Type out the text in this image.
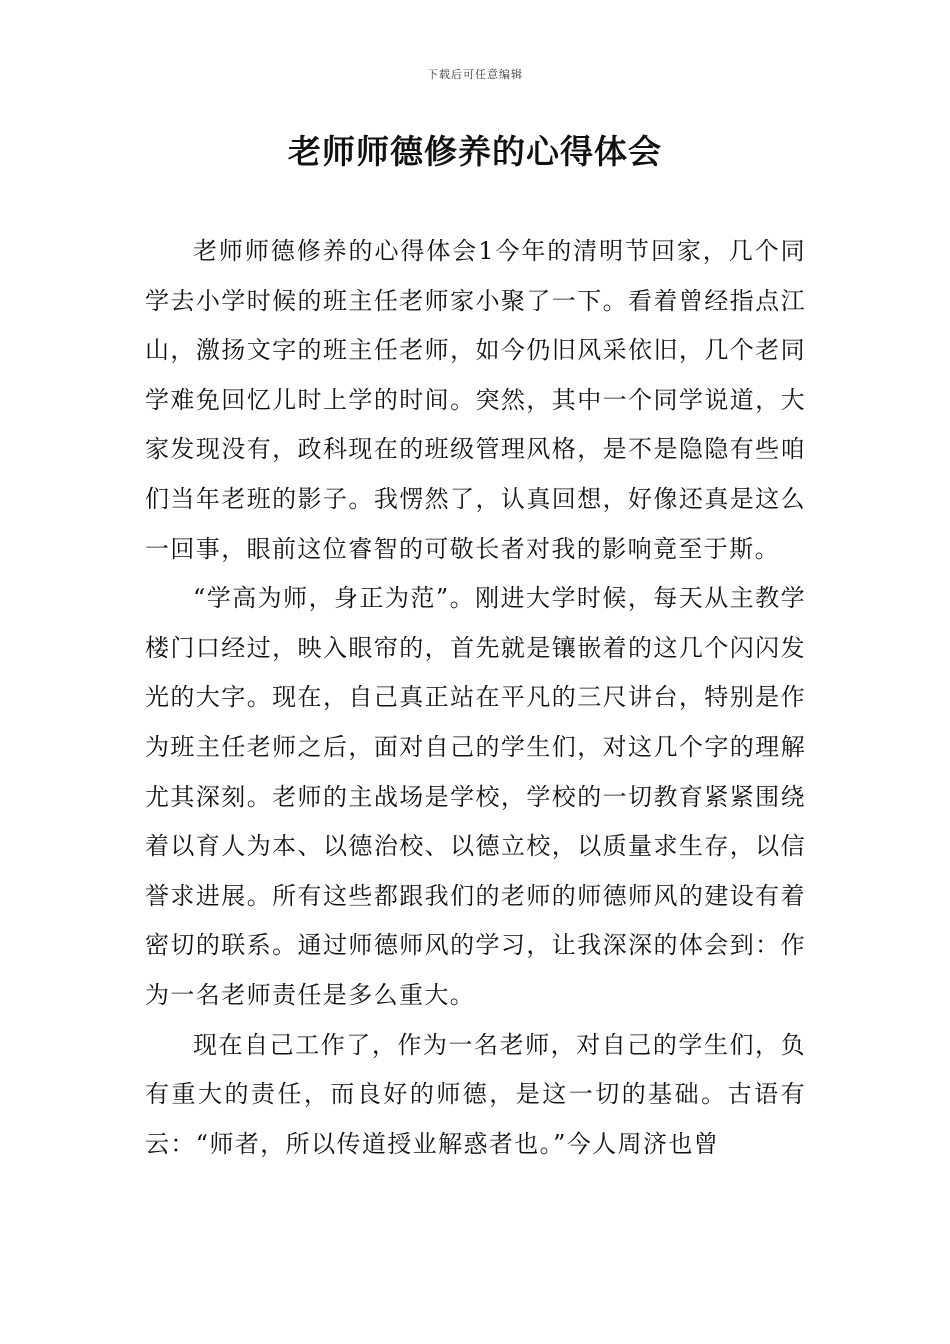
下载后可任意编辑
老师师德修养的心得体会

老师师德修养的心得体会1今年的清明节回家，几个同学去小学时候的班主任老师家小聚了一下。看着曾经指点江山，激扬文字的班主任老师，如今仍旧风采依旧，几个老同学难免回忆儿时上学的时间。突然，其中一个同学说道，大家发现没有，政科现在的班级管理风格，是不是隐隐有些咱们当年老班的影子。我愣然了，认真回想，好像还真是这么一回事，眼前这位睿智的可敬长者对我的影响竟至于斯。

“学高为师，身正为范”。刚进大学时候，每天从主教学楼门口经过，映入眼帘的，首先就是镶嵌着的这几个闪闪发光的大字。现在，自己真正站在平凡的三尺讲台，特别是作为班主任老师之后，面对自己的学生们，对这几个字的理解尤其深刻。老师的主战场是学校，学校的一切教育紧紧围绕着以育人为本、以德治校、以德立校，以质量求生存，以信誉求进展。所有这些都跟我们的老师的师德师风的建设有着密切的联系。通过师德师风的学习，让我深深的体会到：作为一名老师责任是多么重大。

现在自己工作了，作为一名老师，对自己的学生们，负有重大的责任，而良好的师德，是这一切的基础。古语有云：“师者，所以传道授业解惑者也。”今人周济也曾
